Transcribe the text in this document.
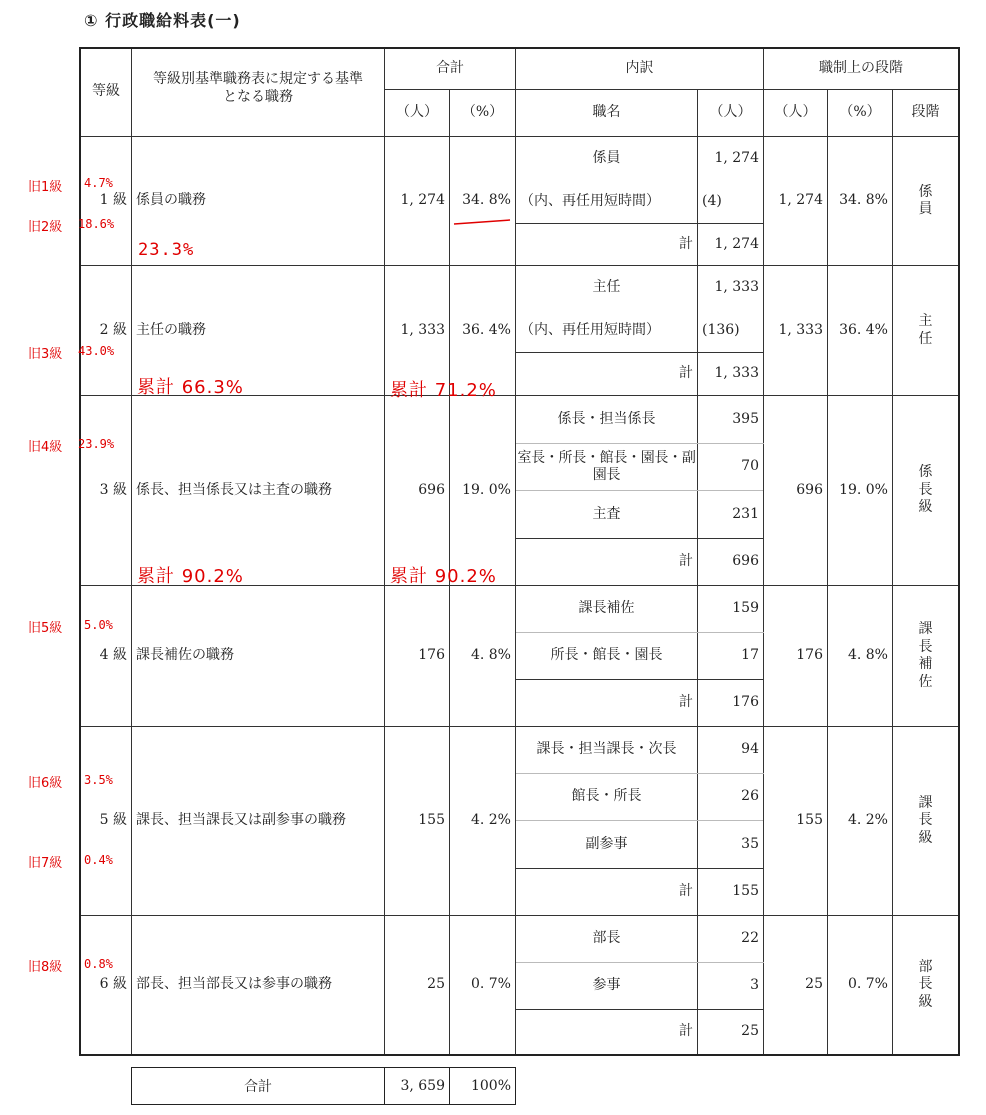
① 行政職給料表(一)
等級	等級別基準職務表に規定する基準となる職務	合計		内訳		職制上の段階		
		（人）	（%）	職名	（人）	（人）	（%）	段階
1 級	係員の職務	1, 274	34. 8%	係員	1, 274	1, 274	34. 8%	係員
				（内、再任用短時間）	(4)			
				計	1, 274			
2 級	主任の職務	1, 333	36. 4%	主任	1, 333	1, 333	36. 4%	主任
				（内、再任用短時間）	(136)			
				計	1, 333			
3 級	係長、担当係長又は主査の職務	696	19. 0%	係長・担当係長	395	696	19. 0%	係長級
				室長・所長・館長・園長・副園長	70			
				主査	231			
				計	696			
4 級	課長補佐の職務	176	4. 8%	課長補佐	159	176	4. 8%	課長補佐
				所長・館長・園長	17			
				計	176			
5 級	課長、担当課長又は副参事の職務	155	4. 2%	課長・担当課長・次長	94	155	4. 2%	課長級
				館長・所長	26			
				副参事	35			
				計	155			
6 級	部長、担当部長又は参事の職務	25	0. 7%	部長	22	25	0. 7%	部長級
				参事	3			
				計	25			
合計	3, 659	100%
旧1級 4.7%
旧2級 18.6%
23.3%
旧3級 43.0%
累計 66.3%	累計 71.2%
旧4級 23.9%
累計 90.2%	累計 90.2%
旧5級 5.0%
旧6級 3.5%
旧7級 0.4%
旧8級 0.8%
